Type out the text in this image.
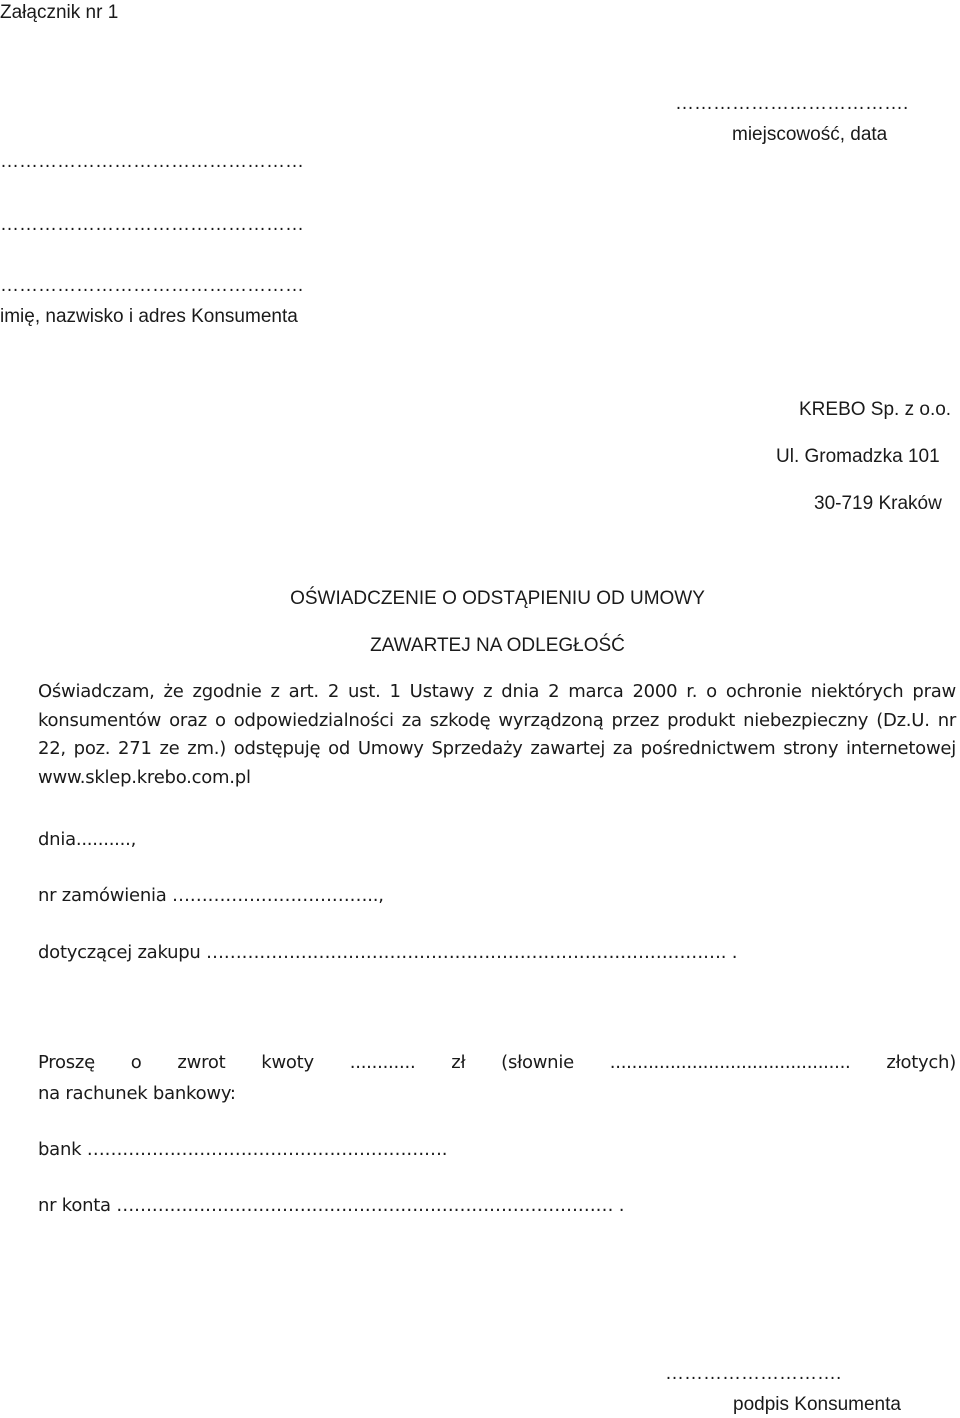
Załącznik nr 1
……………………………….
miejscowość, data
…………………………………………
…………………………………………
…………………………………………
imię, nazwisko i adres Konsumenta
KREBO Sp. z o.o.
Ul. Gromadzka 101
30-719 Kraków
OŚWIADCZENIE O ODSTĄPIENIU OD UMOWY
ZAWARTEJ NA ODLEGŁOŚĆ
Oświadczam, że zgodnie z art. 2 ust. 1 Ustawy z dnia 2 marca 2000 r. o ochronie niektórych praw konsumentów oraz o odpowiedzialności za szkodę wyrządzoną przez produkt niebezpieczny (Dz.U. nr 22, poz. 271 ze zm.) odstępuję od Umowy Sprzedaży zawartej za pośrednictwem strony internetowej www.sklep.krebo.com.pl
dnia..........,
nr zamówienia ……………………………..,
dotyczącej zakupu ……………………………………………………………………………. .
Proszę o zwrot kwoty ............ zł (słownie ............................................ złotych)
na rachunek bankowy:
bank …………………………………………………….
nr konta ………………………………………………………………………… .
……………………….
podpis Konsumenta
